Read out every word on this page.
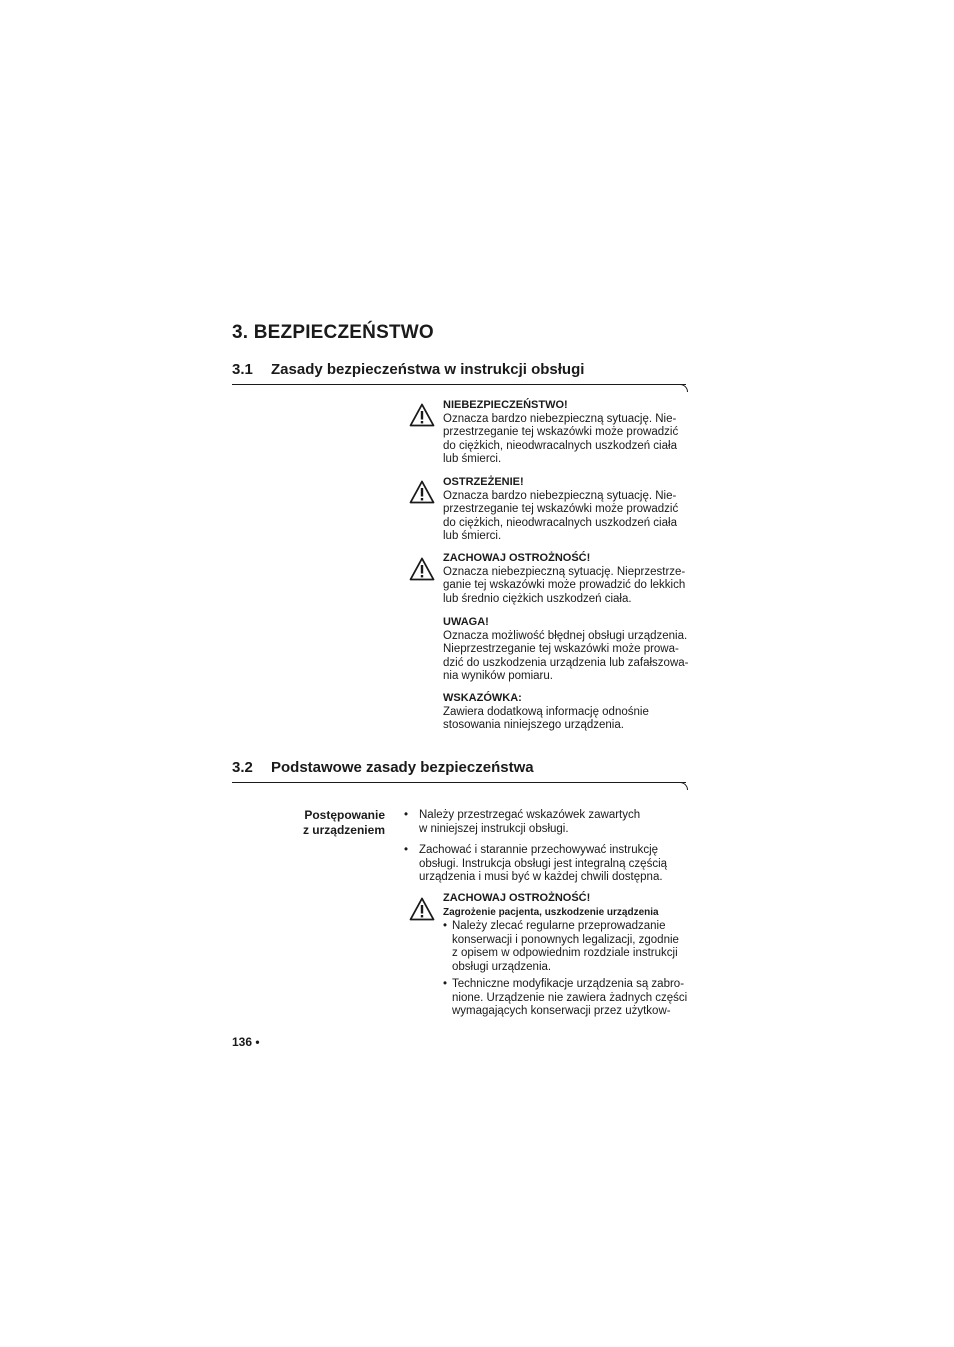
3. BEZPIECZEŃSTWO
3.1 Zasady bezpieczeństwa w instrukcji obsługi
NIEBEZPIECZEŃSTWO!
Oznacza bardzo niebezpieczną sytuację. Nie-
przestrzeganie tej wskazówki może prowadzić
do ciężkich, nieodwracalnych uszkodzeń ciała
lub śmierci.
OSTRZEŻENIE!
Oznacza bardzo niebezpieczną sytuację. Nie-
przestrzeganie tej wskazówki może prowadzić
do ciężkich, nieodwracalnych uszkodzeń ciała
lub śmierci.
ZACHOWAJ OSTROŻNOŚĆ!
Oznacza niebezpieczną sytuację. Nieprzestrze-
ganie tej wskazówki może prowadzić do lekkich
lub średnio ciężkich uszkodzeń ciała.
UWAGA!
Oznacza możliwość błędnej obsługi urządzenia.
Nieprzestrzeganie tej wskazówki może prowa-
dzić do uszkodzenia urządzenia lub zafałszowa-
nia wyników pomiaru.
WSKAZÓWKA:
Zawiera dodatkową informację odnośnie
stosowania niniejszego urządzenia.
3.2 Podstawowe zasady bezpieczeństwa
Postępowanie
z urządzeniem
• Należy przestrzegać wskazówek zawartych
w niniejszej instrukcji obsługi.
• Zachować i starannie przechowywać instrukcję
obsługi. Instrukcja obsługi jest integralną częścią
urządzenia i musi być w każdej chwili dostępna.
ZACHOWAJ OSTROŻNOŚĆ!
Zagrożenie pacjenta, uszkodzenie urządzenia
• Należy zlecać regularne przeprowadzanie
konserwacji i ponownych legalizacji, zgodnie
z opisem w odpowiednim rozdziale instrukcji
obsługi urządzenia.
• Techniczne modyfikacje urządzenia są zabro-
nione. Urządzenie nie zawiera żadnych części
wymagających konserwacji przez użytkow-
136 •
